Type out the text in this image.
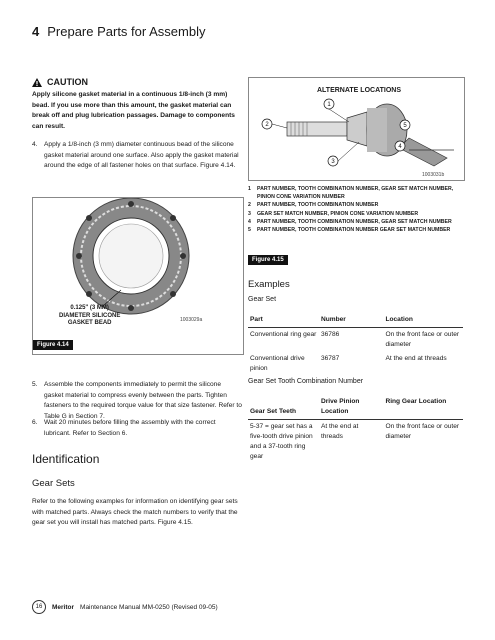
4 Prepare Parts for Assembly
CAUTION
Apply silicone gasket material in a continuous 1/8-inch (3 mm) bead. If you use more than this amount, the gasket material can break off and plug lubrication passages. Damage to components can result.
4. Apply a 1/8-inch (3 mm) diameter continuous bead of the silicone gasket material around one surface. Also apply the gasket material around the edge of all fastener holes on that surface. Figure 4.14.
0.125" (3 MM)
DIAMETER SILICONE
GASKET BEAD	1003029a
Figure 4.14
5. Assemble the components immediately to permit the silicone gasket material to compress evenly between the parts. Tighten fasteners to the required torque value for that size fastener. Refer to Table G in Section 7.
6. Wait 20 minutes before filling the assembly with the correct lubricant. Refer to Section 6.
Identification
Gear Sets
Refer to the following examples for information on identifying gear sets with matched parts. Always check the match numbers to verify that the gear set you will install has matched parts. Figure 4.15.
ALTERNATE LOCATIONS
1
2
3
4
5
1003031b
1 PART NUMBER, TOOTH COMBINATION NUMBER, GEAR SET MATCH NUMBER, PINION CONE VARIATION NUMBER
2 PART NUMBER, TOOTH COMBINATION NUMBER
3 GEAR SET MATCH NUMBER, PINION CONE VARIATION NUMBER
4 PART NUMBER, TOOTH COMBINATION NUMBER, GEAR SET MATCH NUMBER
5 PART NUMBER, TOOTH COMBINATION NUMBER GEAR SET MATCH NUMBER
Figure 4.15
Examples
Gear Set
Part	Number	Location
Conventional ring gear	36786	On the front face or outer diameter
Conventional drive pinion	36787	At the end at threads
Gear Set Tooth Combination Number
Gear Set Teeth	Drive Pinion Location	Ring Gear Location
5-37 = gear set has a five-tooth drive pinion and a 37-tooth ring gear	At the end at threads	On the front face or outer diameter
16	Meritor Maintenance Manual MM-0250 (Revised 09-05)
